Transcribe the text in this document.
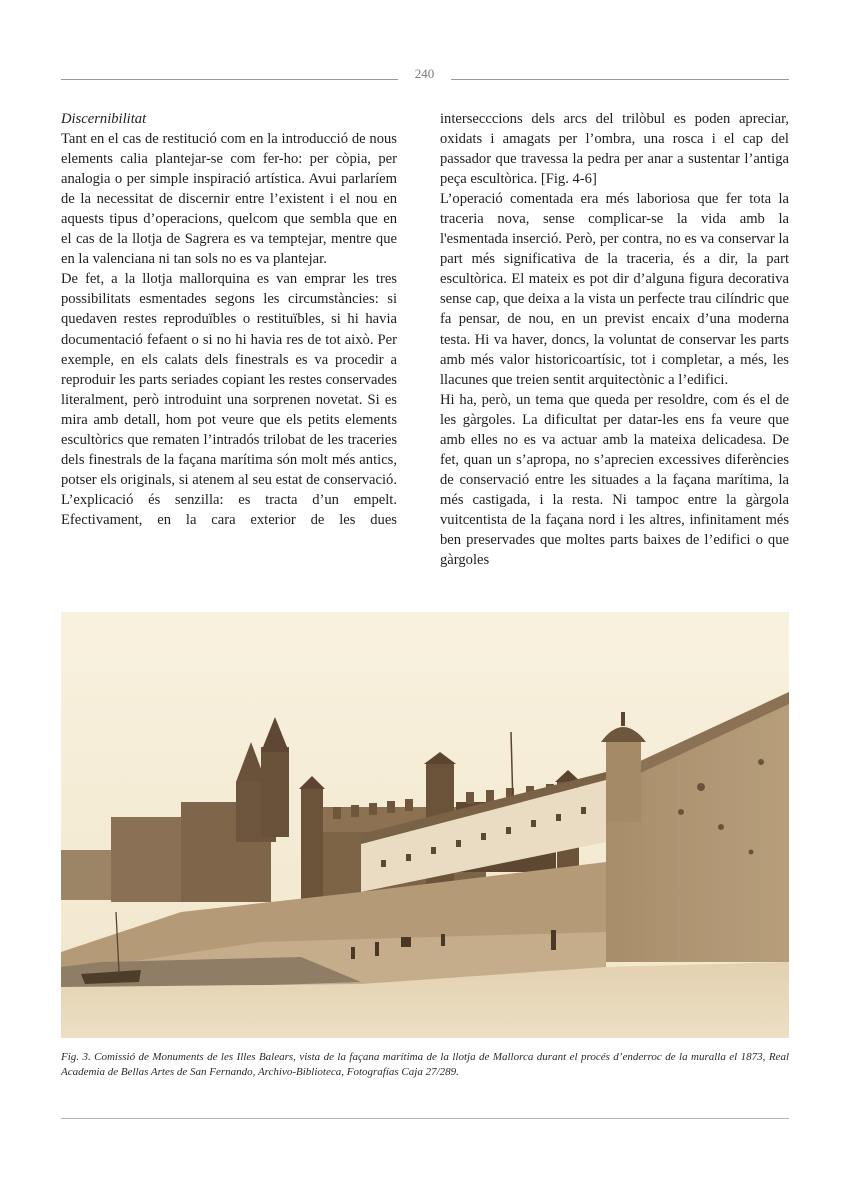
240

Discernibilitat

Tant en el cas de restitució com en la introducció de nous elements calia plantejar-se com fer-ho: per còpia, per analogia o per simple inspiració artística. Avui parlaríem de la necessitat de discernir entre l’existent i el nou en aquests tipus d’operacions, quelcom que sembla que en el cas de la llotja de Sagrera es va temptejar, mentre que en la valenciana ni tan sols no es va plantejar.

De fet, a la llotja mallorquina es van emprar les tres possibilitats esmentades segons les circumstàncies: si quedaven restes reproduïbles o restituïbles, si hi havia documentació fefaent o si no hi havia res de tot això. Per exemple, en els calats dels finestrals es va procedir a reproduir les parts seriades copiant les restes conservades literalment, però introduint una sorprenen novetat. Si es mira amb detall, hom pot veure que els petits elements escultòrics que rematen l’intradós trilobat de les traceries dels finestrals de la façana marítima són molt més antics, potser els originals, si atenem al seu estat de conservació. L’explicació és senzilla: es tracta d’un empelt. Efectivament, en la cara exterior de les dues

intersecccions dels arcs del trilòbul es poden apreciar, oxidats i amagats per l’ombra, una rosca i el cap del passador que travessa la pedra per anar a sustentar l’antiga peça escultòrica. [Fig. 4-6]

L’operació comentada era més laboriosa que fer tota la traceria nova, sense complicar-se la vida amb la l'esmentada inserció. Però, per contra, no es va conservar la part més significativa de la traceria, és a dir, la part escultòrica. El mateix es pot dir d’alguna figura decorativa sense cap, que deixa a la vista un perfecte trau cilíndric que fa pensar, de nou, en un previst encaix d’una moderna testa. Hi va haver, doncs, la voluntat de conservar les parts amb més valor historicoartísic, tot i completar, a més, les llacunes que treien sentit arquitectònic a l’edifici.

Hi ha, però, un tema que queda per resoldre, com és el de les gàrgoles. La dificultat per datar-les ens fa veure que amb elles no es va actuar amb la mateixa delicadesa. De fet, quan un s’apropa, no s’aprecien excessives diferències de conservació entre les situades a la façana marítima, la més castigada, i la resta. Ni tampoc entre la gàrgola vuitcentista de la façana nord i les altres, infinitament més ben preservades que moltes parts baixes de l’edifici o que gàrgoles

Fig. 3. Comissió de Monuments de les Illes Balears, vista de la façana marítima de la llotja de Mallorca durant el procés d’enderroc de la muralla el 1873, Real Academia de Bellas Artes de San Fernando, Archivo-Biblioteca, Fotografías Caja 27/289.
